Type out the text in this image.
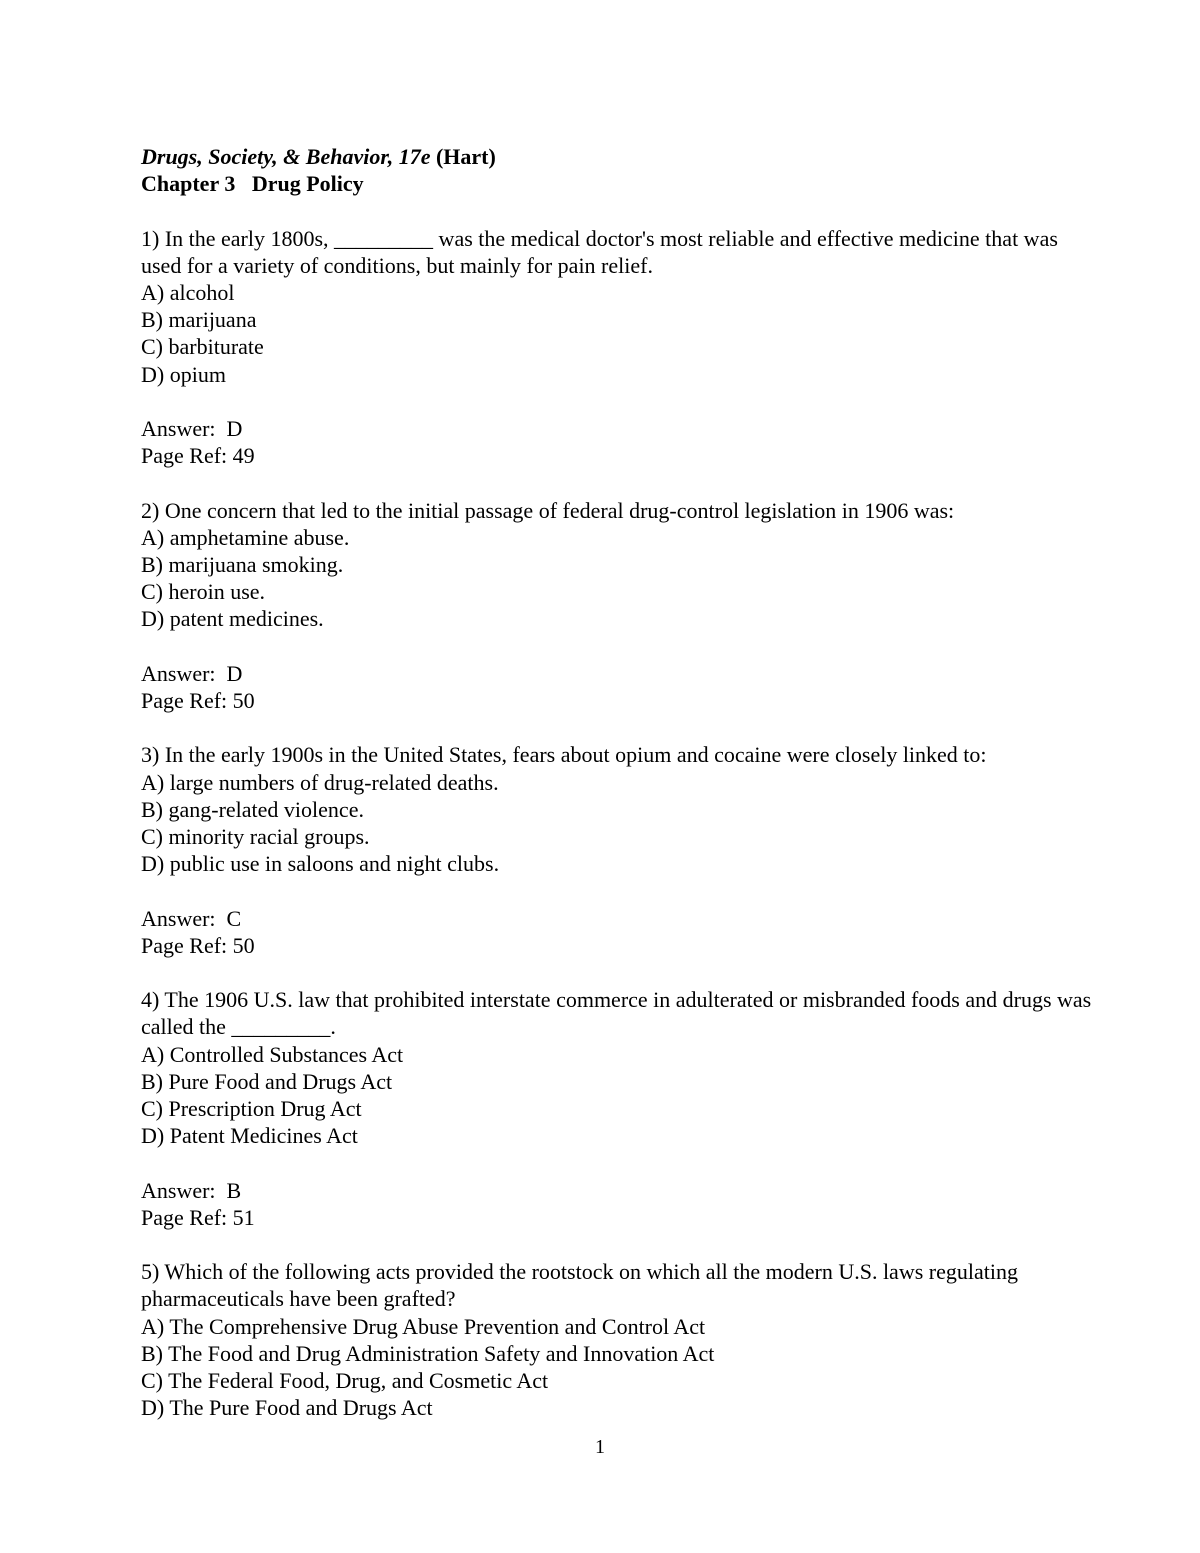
Drugs, Society, & Behavior, 17e (Hart)
Chapter 3   Drug Policy
1) In the early 1800s, _________ was the medical doctor's most reliable and effective medicine that was used for a variety of conditions, but mainly for pain relief.
A) alcohol
B) marijuana
C) barbiturate
D) opium
Answer:  D
Page Ref: 49
2) One concern that led to the initial passage of federal drug-control legislation in 1906 was:
A) amphetamine abuse.
B) marijuana smoking.
C) heroin use.
D) patent medicines.
Answer:  D
Page Ref: 50
3) In the early 1900s in the United States, fears about opium and cocaine were closely linked to:
A) large numbers of drug-related deaths.
B) gang-related violence.
C) minority racial groups.
D) public use in saloons and night clubs.
Answer:  C
Page Ref: 50
4) The 1906 U.S. law that prohibited interstate commerce in adulterated or misbranded foods and drugs was called the _________.
A) Controlled Substances Act
B) Pure Food and Drugs Act
C) Prescription Drug Act
D) Patent Medicines Act
Answer:  B
Page Ref: 51
5) Which of the following acts provided the rootstock on which all the modern U.S. laws regulating pharmaceuticals have been grafted?
A) The Comprehensive Drug Abuse Prevention and Control Act
B) The Food and Drug Administration Safety and Innovation Act
C) The Federal Food, Drug, and Cosmetic Act
D) The Pure Food and Drugs Act
1
